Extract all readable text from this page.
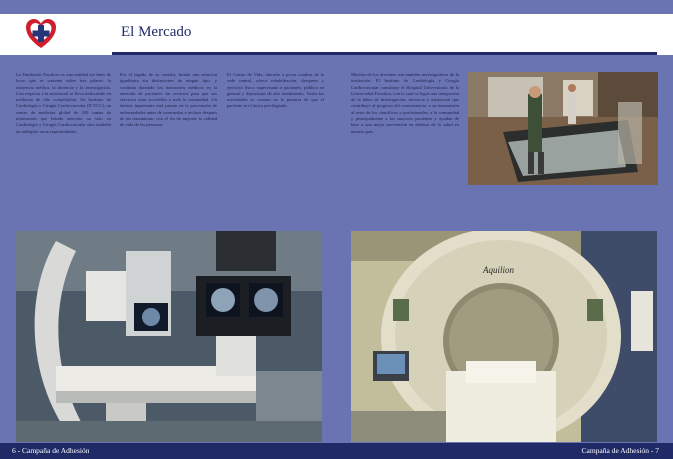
El Mercado
La Fundación Favaloro es una entidad sin fines de lucro que se sustenta sobre tres pilares: la asistencia médica, la docencia y la investigación. Con respecto a la asistencial se lleva indiscutido en medicina de alta complejidad. Su Instituto de Cardiología y Cirugía Cardiovascular (ICYCC), un centro de medicina global de 209 camas de internación que brinda atención no solo en Cardiología y Cirugía Cardiovascular sino también en múltiples otras especialidades.
Por el legado de su creador, brinda una atención igualitaria sin distinciones de ningún tipo, y continúa donando los honorarios médicos en la atención de pacientes sin recursos para que sus servicios sean accesibles a toda la comunidad. Un énfasis importante está puesto en la prevención de enfermedades antes de contraerlas e incluso después de un tratamiento, con el fin de mejorar la calidad de vida de las personas.
El Centro de Vida, ubicado a pocas cuadras de la sede central, ofrece rehabilitación, chequeos y ejercicio físico supervisado a pacientes, público en general y deportistas de alto rendimiento. Todas las actividades se centran en la premisa de que el paciente es el único privilegiado.
Muchos de los docentes son también investigadores de la institución. El Instituto de Cardiología y Cirugía Cardiovascular constituye el Hospital Universitario de la Universidad Favaloro, con lo cual se logra una integración de la labor de investigación, docencia y asistencial que contribuye al progreso del conocimiento, a su transmisión al resto de los científicos y profesionales, a la comunidad y principalmente a los mayores pacientes y ayudan de base a una mejor prevención en defensa de la salud en nuestro país.
Aquilion
6 - Campaña de Adhesión	Campaña de Adhesión - 7
